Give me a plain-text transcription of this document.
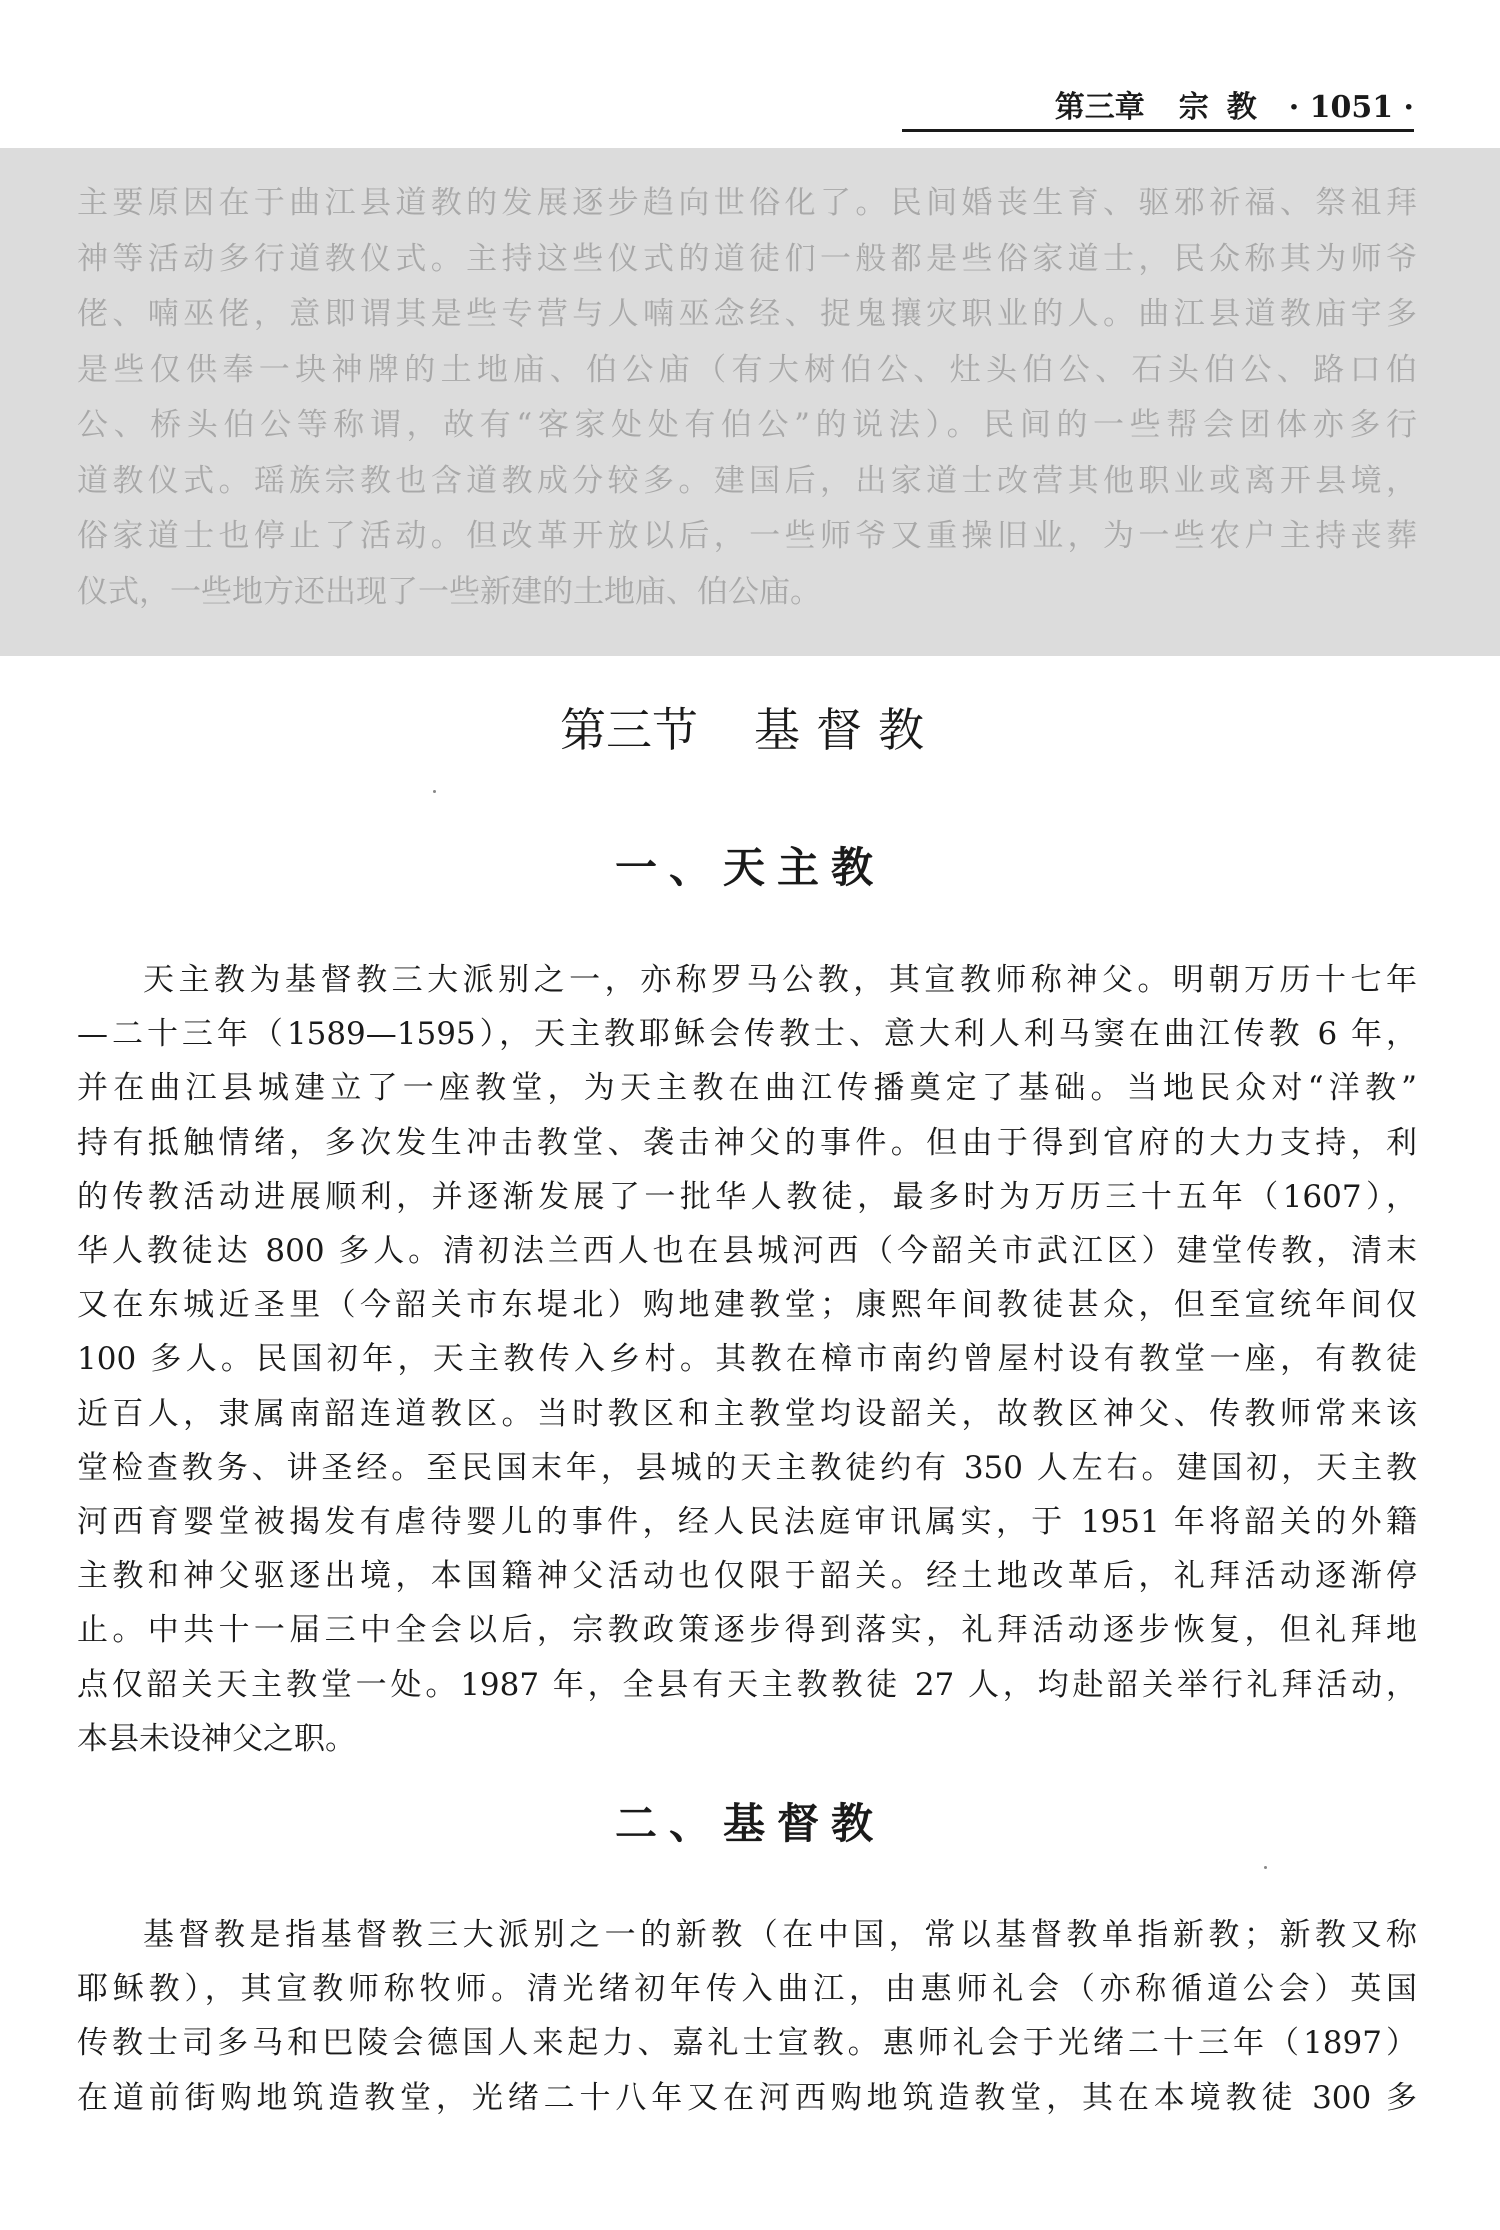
第三章 宗教 · 1051 ·
主要原因在于曲江县道教的发展逐步趋向世俗化了。民间婚丧生育、驱邪祈福、祭祖拜
神等活动多行道教仪式。主持这些仪式的道徒们一般都是些俗家道士，民众称其为师爷
佬、喃巫佬，意即谓其是些专营与人喃巫念经、捉鬼攘灾职业的人。曲江县道教庙宇多
是些仅供奉一块神牌的土地庙、伯公庙（有大树伯公、灶头伯公、石头伯公、路口伯
公、桥头伯公等称谓，故有“客家处处有伯公”的说法）。民间的一些帮会团体亦多行
道教仪式。瑶族宗教也含道教成分较多。建国后，出家道士改营其他职业或离开县境，
俗家道士也停止了活动。但改革开放以后，一些师爷又重操旧业，为一些农户主持丧葬
仪式，一些地方还出现了一些新建的土地庙、伯公庙。
第三节 基督教
一、天主教
天主教为基督教三大派别之一，亦称罗马公教，其宣教师称神父。明朝万历十七年
—二十三年（1589—1595），天主教耶稣会传教士、意大利人利马窦在曲江传教 6 年，
并在曲江县城建立了一座教堂，为天主教在曲江传播奠定了基础。当地民众对“洋教”
持有抵触情绪，多次发生冲击教堂、袭击神父的事件。但由于得到官府的大力支持，利
的传教活动进展顺利，并逐渐发展了一批华人教徒，最多时为万历三十五年（1607），
华人教徒达 800 多人。清初法兰西人也在县城河西（今韶关市武江区）建堂传教，清末
又在东城近圣里（今韶关市东堤北）购地建教堂；康熙年间教徒甚众，但至宣统年间仅
100 多人。民国初年，天主教传入乡村。其教在樟市南约曾屋村设有教堂一座，有教徒
近百人，隶属南韶连道教区。当时教区和主教堂均设韶关，故教区神父、传教师常来该
堂检查教务、讲圣经。至民国末年，县城的天主教徒约有 350 人左右。建国初，天主教
河西育婴堂被揭发有虐待婴儿的事件，经人民法庭审讯属实，于 1951 年将韶关的外籍
主教和神父驱逐出境，本国籍神父活动也仅限于韶关。经土地改革后，礼拜活动逐渐停
止。中共十一届三中全会以后，宗教政策逐步得到落实，礼拜活动逐步恢复，但礼拜地
点仅韶关天主教堂一处。1987 年，全县有天主教教徒 27 人，均赴韶关举行礼拜活动，
本县未设神父之职。
二、基督教
基督教是指基督教三大派别之一的新教（在中国，常以基督教单指新教；新教又称
耶稣教），其宣教师称牧师。清光绪初年传入曲江，由惠师礼会（亦称循道公会）英国
传教士司多马和巴陵会德国人来起力、嘉礼士宣教。惠师礼会于光绪二十三年（1897）
在道前街购地筑造教堂，光绪二十八年又在河西购地筑造教堂，其在本境教徒 300 多
